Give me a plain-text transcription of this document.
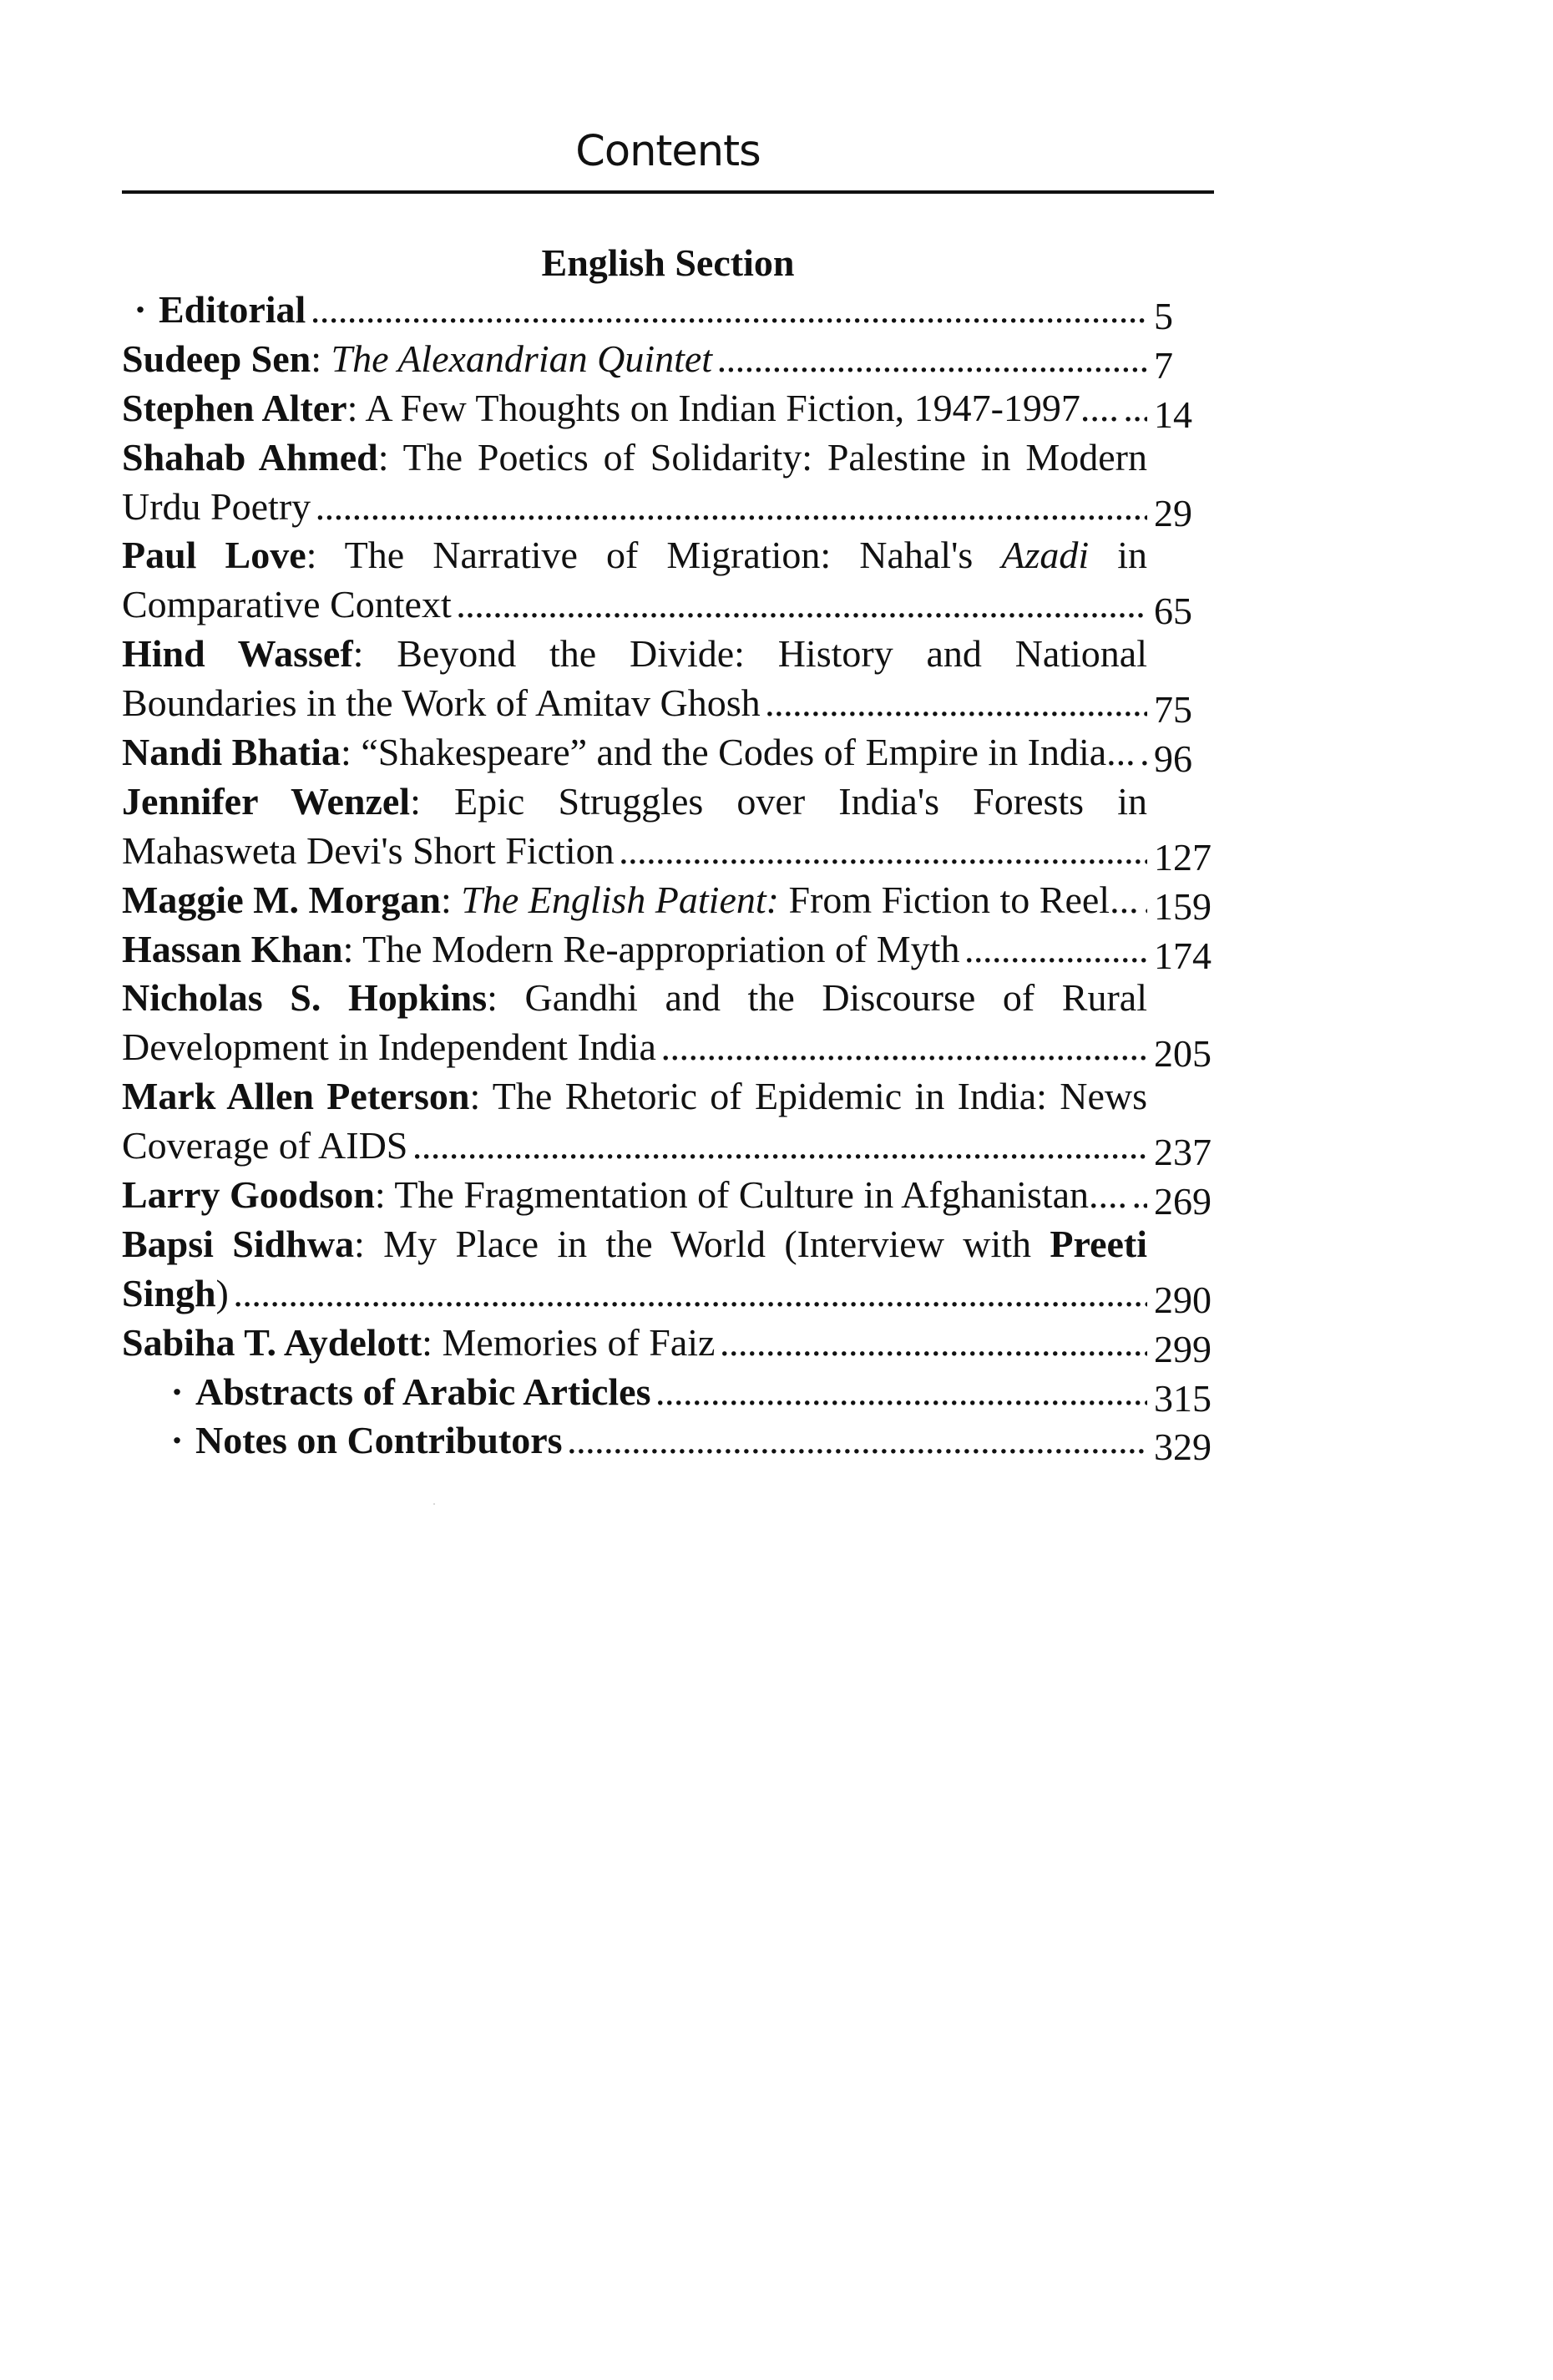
Contents
English Section
· Editorial . . .	5
Sudeep Sen: The Alexandrian Quintet . . .	7
Stephen Alter: A Few Thoughts on Indian Fiction, 1947-1997.... . . . 14
Shahab Ahmed: The Poetics of Solidarity: Palestine in Modern
Urdu Poetry . . .	29
Paul Love: The Narrative of Migration: Nahal's Azadi in
Comparative Context . . .	65
Hind Wassef: Beyond the Divide: History and National
Boundaries in the Work of Amitav Ghosh . . .	75
Nandi Bhatia: “Shakespeare” and the Codes of Empire in India... . . . 96
Jennifer Wenzel: Epic Struggles over India's Forests in
Mahasweta Devi's Short Fiction . . .	127
Maggie M. Morgan: The English Patient: From Fiction to Reel... . . . 159
Hassan Khan: The Modern Re-appropriation of Myth . . .	174
Nicholas S. Hopkins: Gandhi and the Discourse of Rural
Development in Independent India . . .	205
Mark Allen Peterson: The Rhetoric of Epidemic in India: News
Coverage of AIDS . . .	237
Larry Goodson: The Fragmentation of Culture in Afghanistan.... . . . 269
Bapsi Sidhwa: My Place in the World (Interview with Preeti
Singh) . . .	290
Sabiha T. Aydelott: Memories of Faiz . . .	299
· Abstracts of Arabic Articles . . .	315
· Notes on Contributors . . .	329
